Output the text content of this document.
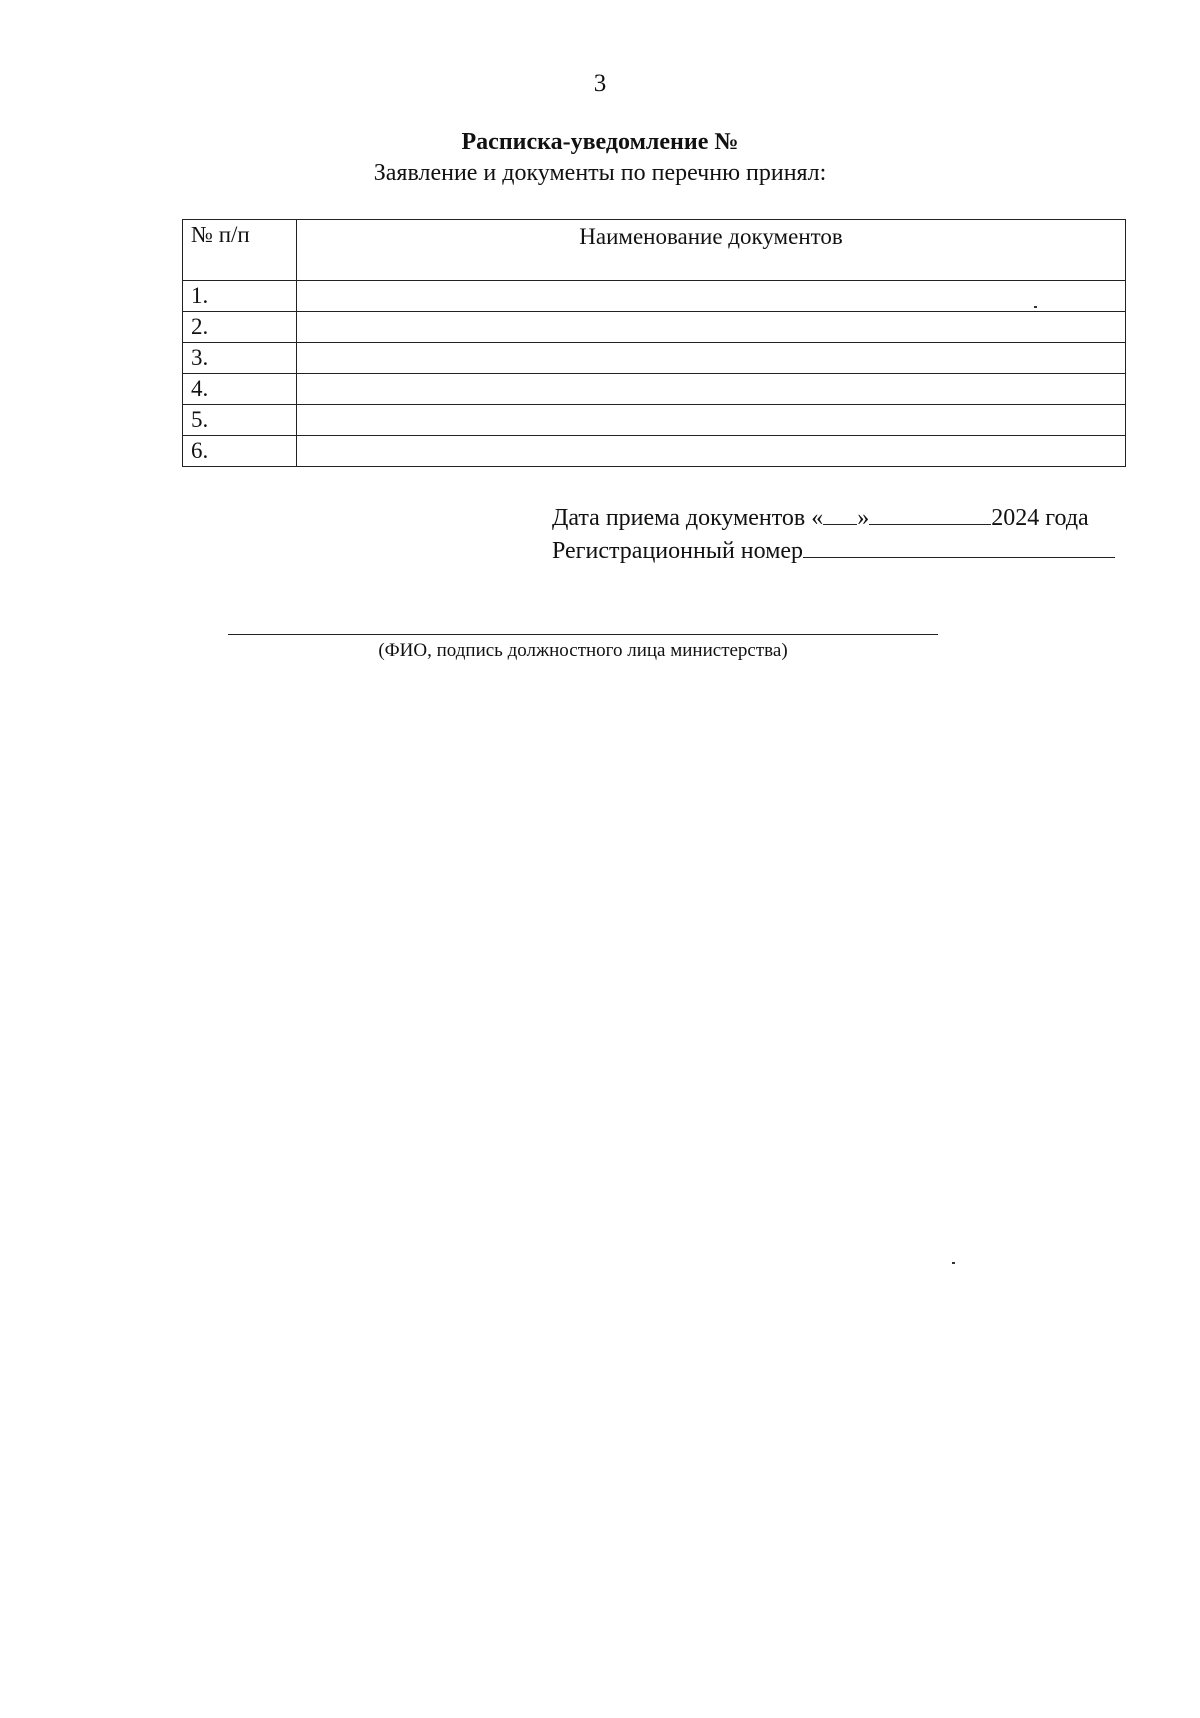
3
Расписка-уведомление №
Заявление и документы по перечню принял:
№ п/п	Наименование документов
1.	
2.	
3.	
4.	
5.	
6.	
Дата приема документов « »	2024 года
Регистрационный номер
(ФИО, подпись должностного лица министерства)
